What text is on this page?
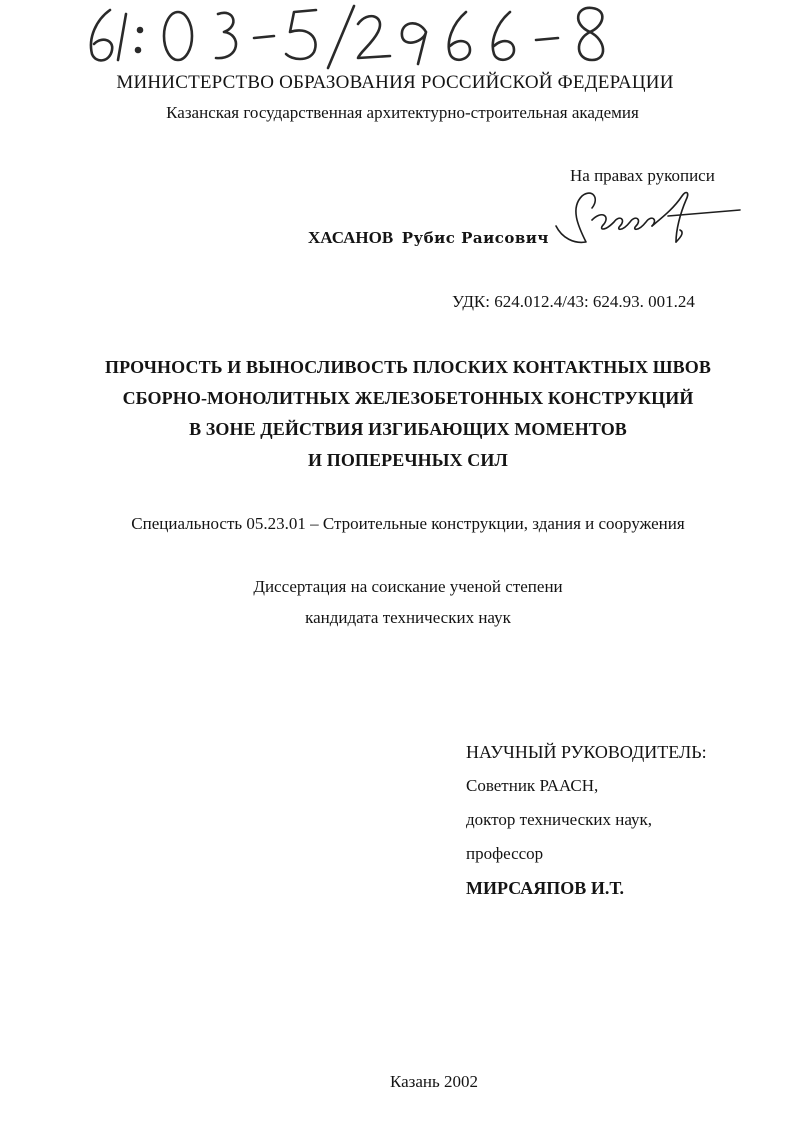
МИНИСТЕРСТВО ОБРАЗОВАНИЯ РОССИЙСКОЙ ФЕДЕРАЦИИ

Казанская государственная архитектурно-строительная академия

На правах рукописи

ХАСАНОВ Рубис Раисович

УДК: 624.012.4/43: 624.93. 001.24

ПРОЧНОСТЬ И ВЫНОСЛИВОСТЬ ПЛОСКИХ КОНТАКТНЫХ ШВОВ
СБОРНО-МОНОЛИТНЫХ ЖЕЛЕЗОБЕТОННЫХ КОНСТРУКЦИЙ
В ЗОНЕ ДЕЙСТВИЯ ИЗГИБАЮЩИХ МОМЕНТОВ
И ПОПЕРЕЧНЫХ СИЛ

Специальность 05.23.01 – Строительные конструкции, здания и сооружения

Диссертация на соискание ученой степени

кандидата технических наук

НАУЧНЫЙ РУКОВОДИТЕЛЬ:
Советник РААСН,
доктор технических наук,
профессор
МИРСАЯПОВ И.Т.

Казань 2002
